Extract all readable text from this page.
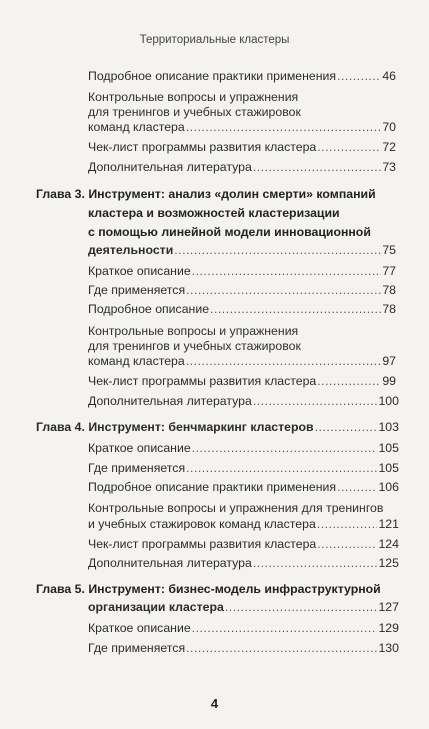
Территориальные кластеры
Подробное описание практики применения .....	46
Контрольные вопросы и упражнения
для тренингов и учебных стажировок
команд кластера .....	70
Чек-лист программы развития кластера .....	72
Дополнительная литература .....	73
Глава 3. Инструмент: анализ «долин смерти» компаний
кластера и возможностей кластеризации
с помощью линейной модели инновационной
деятельности .....	75
Краткое описание .....	77
Где применяется .....	78
Подробное описание .....	78
Контрольные вопросы и упражнения
для тренингов и учебных стажировок
команд кластера .....	97
Чек-лист программы развития кластера .....	99
Дополнительная литература .....	100
Глава 4. Инструмент: бенчмаркинг кластеров .....	103
Краткое описание .....	105
Где применяется .....	105
Подробное описание практики применения .....	106
Контрольные вопросы и упражнения для тренингов
и учебных стажировок команд кластера .....	121
Чек-лист программы развития кластера .....	124
Дополнительная литература .....	125
Глава 5. Инструмент: бизнес-модель инфраструктурной
организации кластера .....	127
Краткое описание .....	129
Где применяется .....	130
4
